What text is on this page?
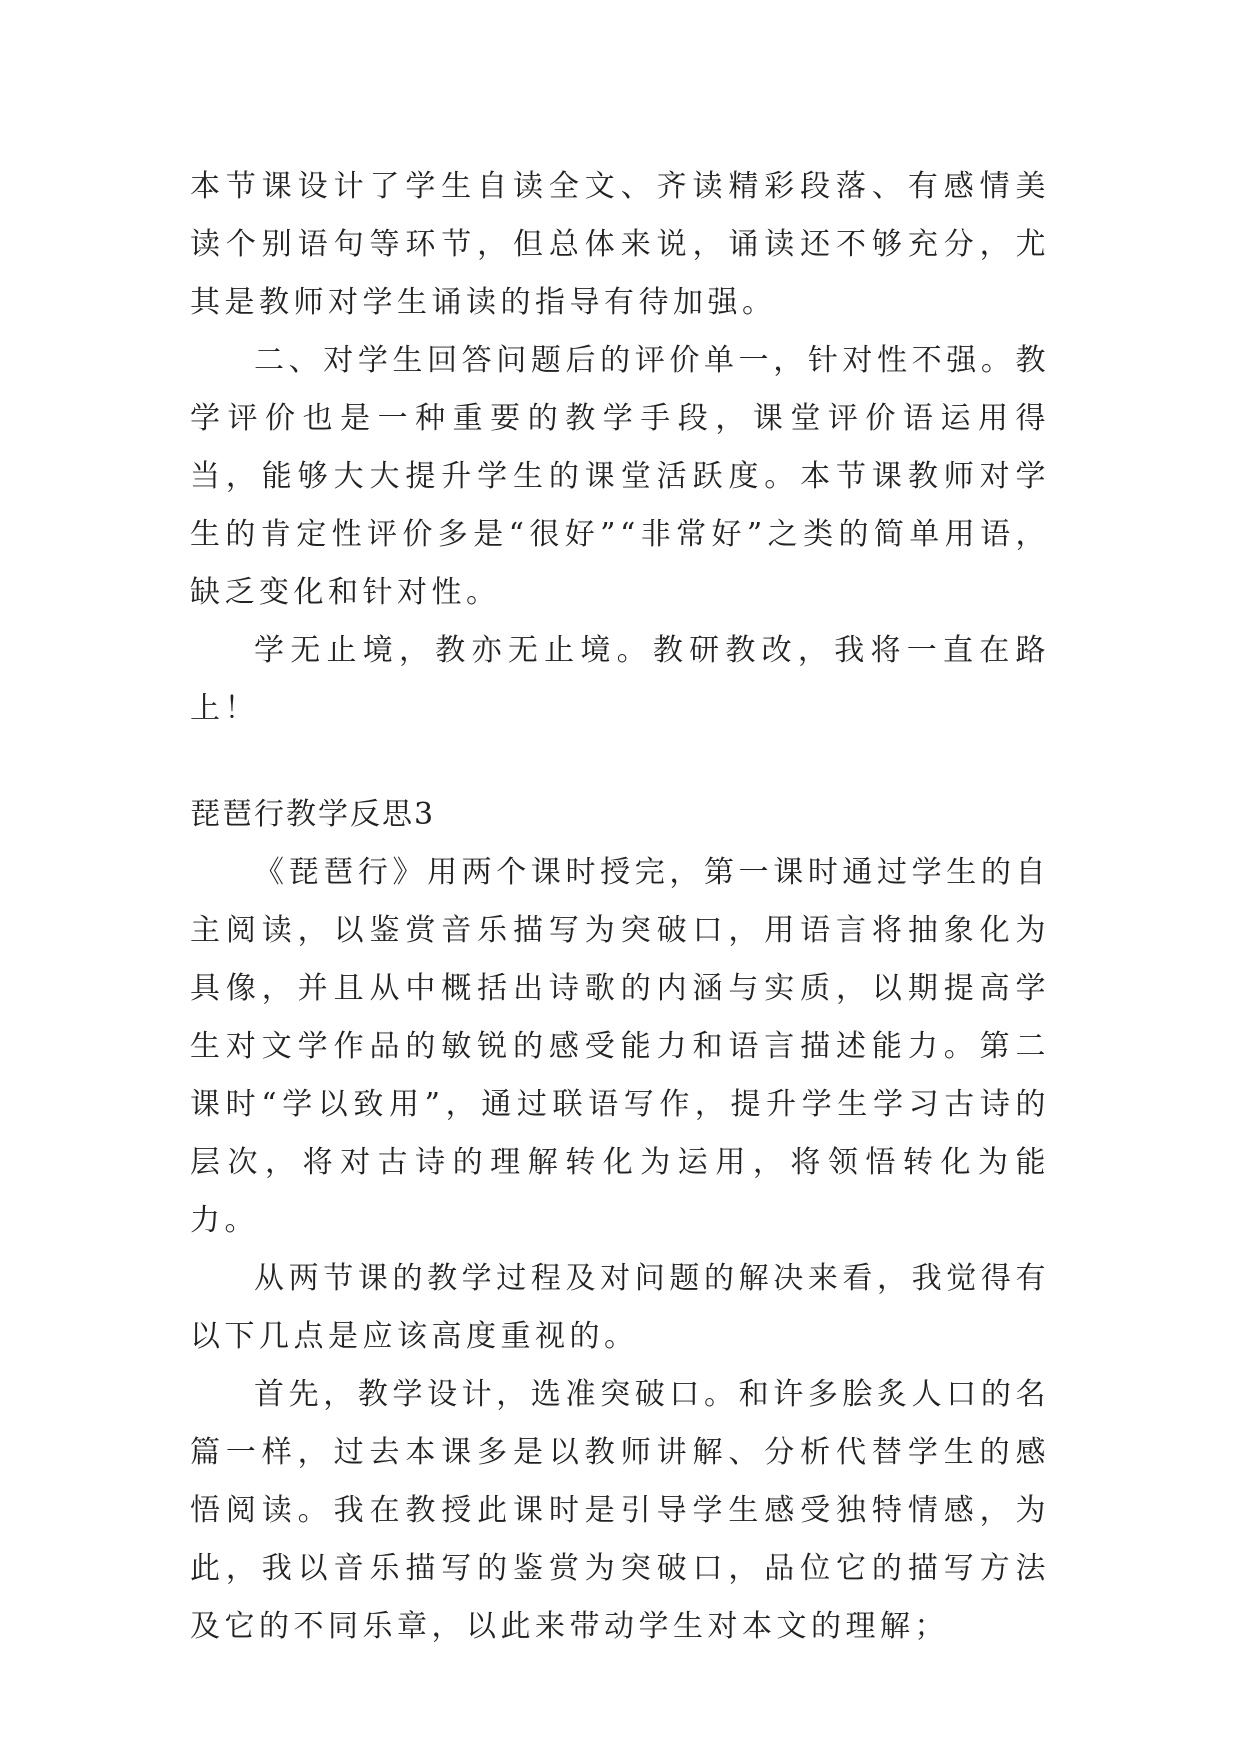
本节课设计了学生自读全文、齐读精彩段落、有感情美读个别语句等环节，但总体来说，诵读还不够充分，尤其是教师对学生诵读的指导有待加强。

二、对学生回答问题后的评价单一，针对性不强。教学评价也是一种重要的教学手段，课堂评价语运用得当，能够大大提升学生的课堂活跃度。本节课教师对学生的肯定性评价多是“很好”“非常好”之类的简单用语，缺乏变化和针对性。

学无止境，教亦无止境。教研教改，我将一直在路上！

琵琶行教学反思3

《琵琶行》用两个课时授完，第一课时通过学生的自主阅读，以鉴赏音乐描写为突破口，用语言将抽象化为具像，并且从中概括出诗歌的内涵与实质，以期提高学生对文学作品的敏锐的感受能力和语言描述能力。第二课时“学以致用”，通过联语写作，提升学生学习古诗的层次，将对古诗的理解转化为运用，将领悟转化为能力。

从两节课的教学过程及对问题的解决来看，我觉得有以下几点是应该高度重视的。

首先，教学设计，选准突破口。和许多脍炙人口的名篇一样，过去本课多是以教师讲解、分析代替学生的感悟阅读。我在教授此课时是引导学生感受独特情感，为此，我以音乐描写的鉴赏为突破口，品位它的描写方法及它的不同乐章，以此来带动学生对本文的理解；
